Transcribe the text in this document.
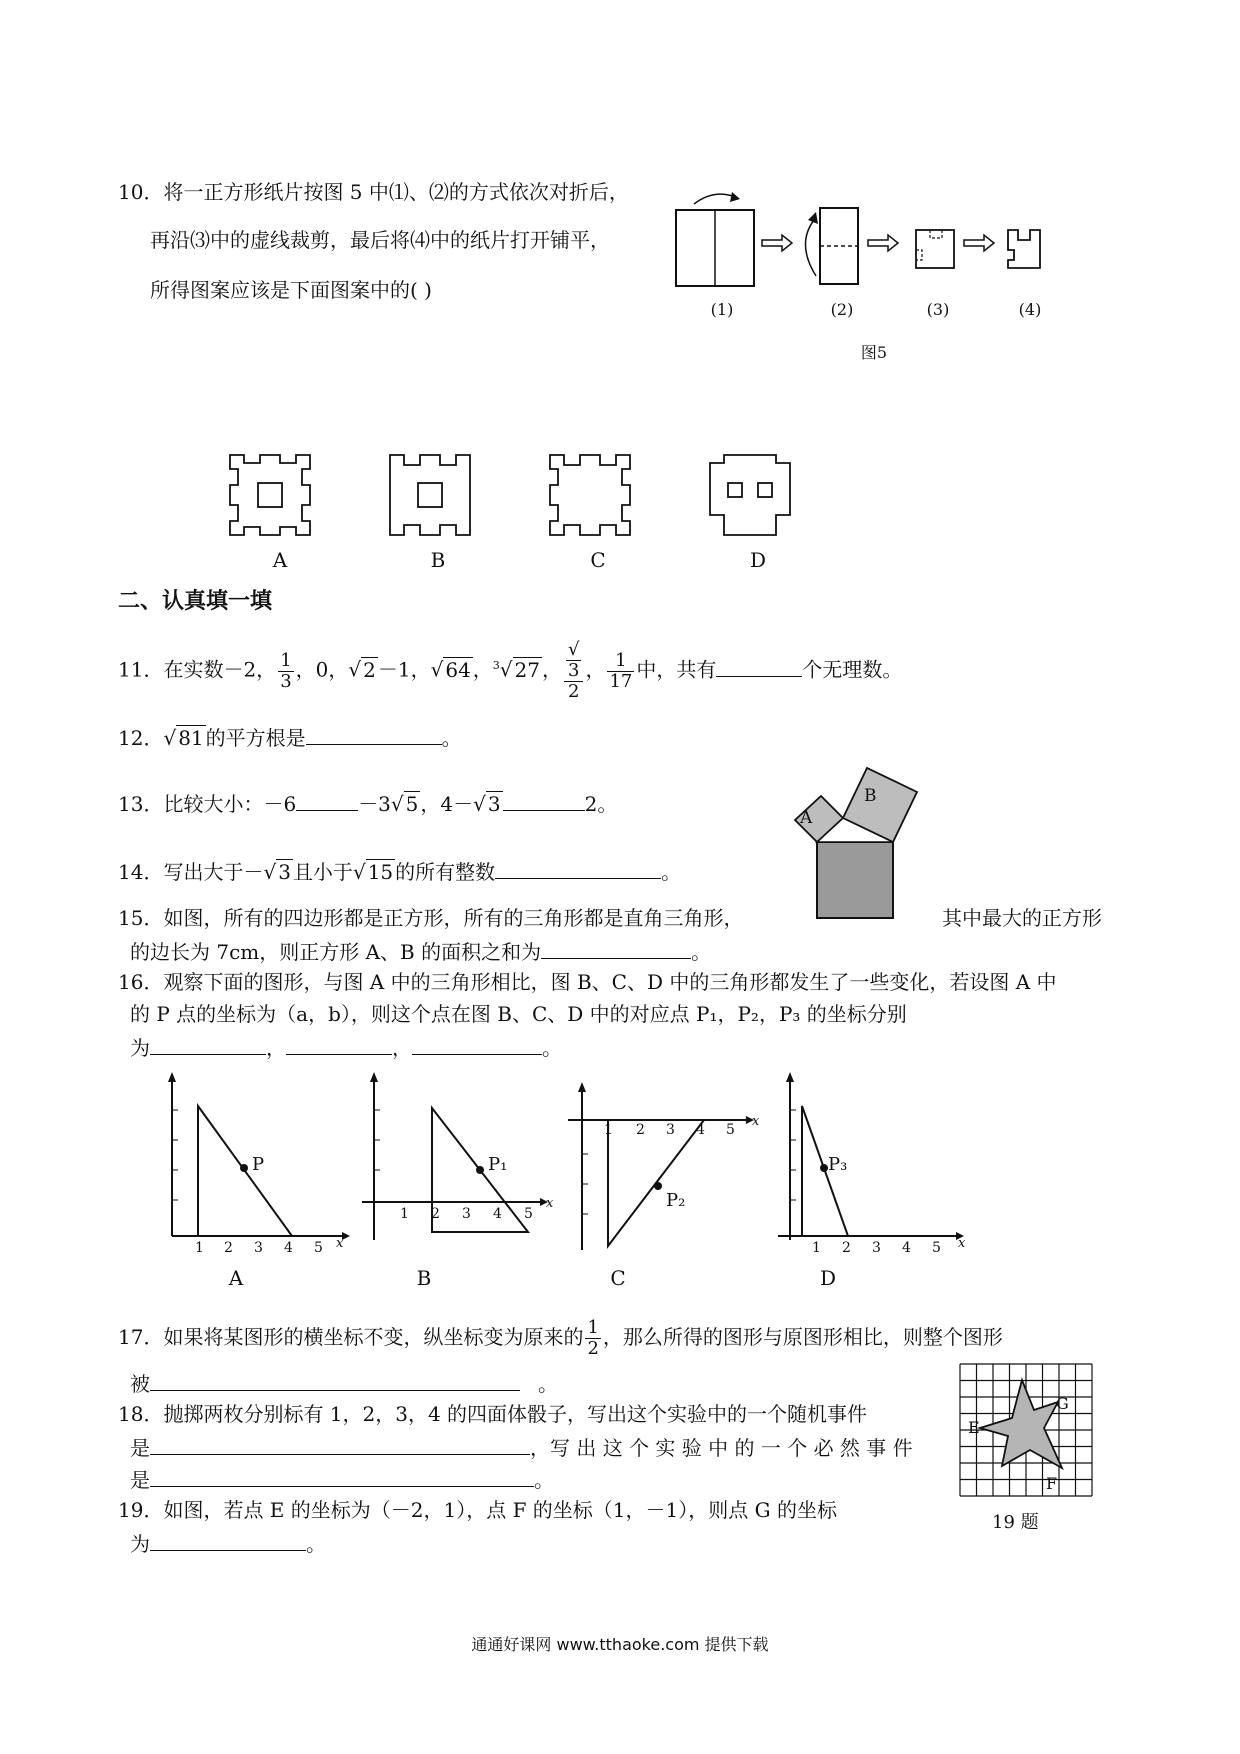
10．将一正方形纸片按图 5 中⑴、⑵的方式依次对折后，
再沿⑶中的虚线裁剪，最后将⑷中的纸片打开铺平，
所得图案应该是下面图案中的( )
(1)	(2)	(3)	(4)
图5
A	B	C	D
二、认真填一填
11．在实数－2， $\frac{1}{3}$ ，0，√ 2 －1，√ 64 ，$^3$√ 27 ， √
3
2 ， $\frac{1}{17}$ 中，共有	个无理数。
12．√ 81 的平方根是	。
13．比较大小：－6	－3√ 5 ，4－√ 3	2。
14．写出大于－√ 3 且小于√ 15 的所有整数	。
15．如图，所有的四边形都是正方形，所有的三角形都是直角三角形，	其中最大的正方形
的边长为 7cm，则正方形 A、B 的面积之和为	。
A
B
16．观察下面的图形，与图 A 中的三角形相比，图 B、C、D 中的三角形都发生了一些变化，若设图 A 中
的 P 点的坐标为（a，b），则这个点在图 B、C、D 中的对应点 P₁，P₂，P₃ 的坐标分别
为	，	，	。
P
1 2 3 4 5 x
A
P₁
1 2 3 4 5
x
B
P₂
1 2 3 4 5
x
C
P₃
1 2 3 4 5 x
D
17．如果将某图形的横坐标不变，纵坐标变为原来的 $\frac{1}{2}$ ，那么所得的图形与原图形相比，则整个图形
被	。
18．抛掷两枚分别标有 1，2，3，4 的四面体骰子，写出这个实验中的一个随机事件
是	，写 出 这 个 实 验 中 的 一 个 必 然 事 件
是	。
19．如图，若点 E 的坐标为（－2，1），点 F 的坐标（1，－1），则点 G 的坐标
为	。
E
F
G
19 题
通通好课网 www.tthaoke.com 提供下载
